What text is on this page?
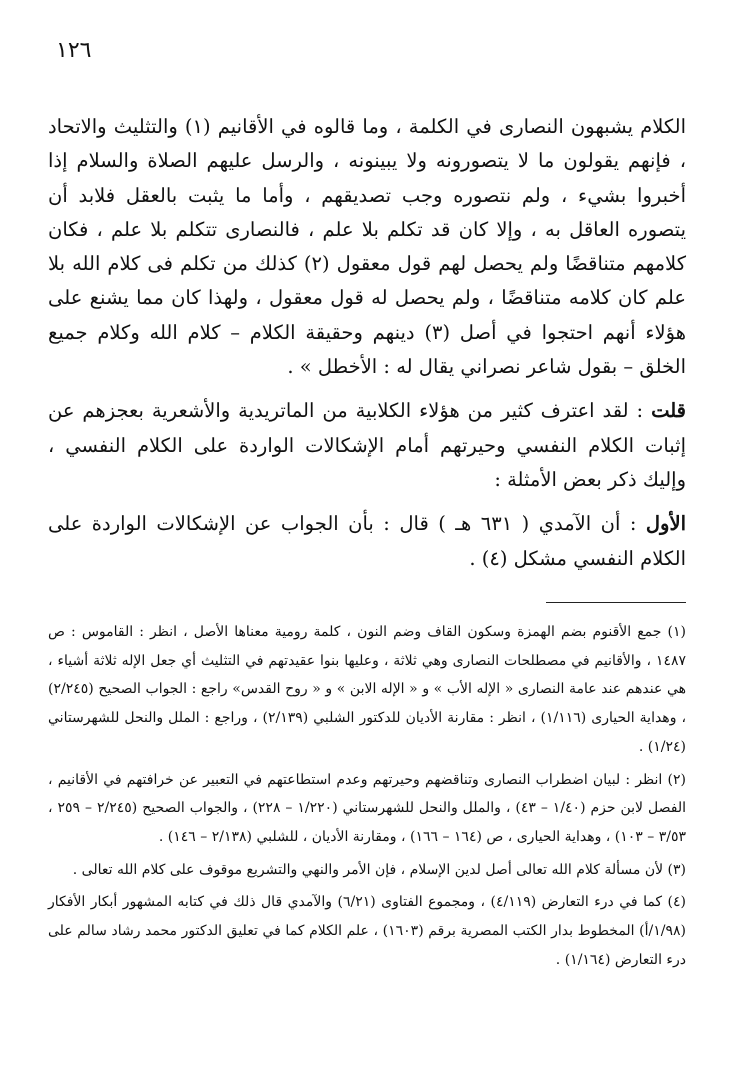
١٢٦

الكلام يشبهون النصارى في الكلمة ، وما قالوه في الأقانيم (١) والتثليث والاتحاد ، فإنهم يقولون ما لا يتصورونه ولا يبينونه ، والرسل عليهم الصلاة والسلام إذا أخبروا بشيء ، ولم نتصوره وجب تصديقهم ، وأما ما يثبت بالعقل فلابد أن يتصوره العاقل به ، وإلا كان قد تكلم بلا علم ، فالنصارى تتكلم بلا علم ، فكان كلامهم متناقضًا ولم يحصل لهم قول معقول (٢) كذلك من تكلم فى كلام الله بلا علم كان كلامه متناقضًا ، ولم يحصل له قول معقول ، ولهذا كان مما يشنع على هؤلاء أنهم احتجوا في أصل (٣) دينهم وحقيقة الكلام – كلام الله وكلام جميع الخلق – بقول شاعر نصراني يقال له : الأخطل » .

قلت : لقد اعترف كثير من هؤلاء الكلابية من الماتريدية والأشعرية بعجزهم عن إثبات الكلام النفسي وحيرتهم أمام الإشكالات الواردة على الكلام النفسي ، وإليك ذكر بعض الأمثلة :

الأول : أن الآمدي ( ٦٣١ هـ ) قال : بأن الجواب عن الإشكالات الواردة على الكلام النفسي مشكل (٤) .

(١) جمع الأقنوم بضم الهمزة وسكون القاف وضم النون ، كلمة رومية معناها الأصل ، انظر : القاموس : ص ١٤٨٧ ، والأقانيم في مصطلحات النصارى وهي ثلاثة ، وعليها بنوا عقيدتهم في التثليث أي جعل الإله ثلاثة أشياء ، هي عندهم عند عامة النصارى « الإله الأب » و « الإله الابن » و « روح القدس» راجع : الجواب الصحيح (٢/٢٤٥) ، وهداية الحيارى (١/١١٦) ، انظر : مقارنة الأديان للدكتور الشلبي (٢/١٣٩) ، وراجع : الملل والنحل للشهرستاني (١/٢٤) .

(٢) انظر : لبيان اضطراب النصارى وتناقضهم وحيرتهم وعدم استطاعتهم في التعبير عن خرافتهم في الأقانيم ، الفصل لابن حزم (١/٤٠ – ٤٣) ، والملل والنحل للشهرستاني (١/٢٢٠ – ٢٢٨) ، والجواب الصحيح (٢/٢٤٥ – ٢٥٩ ، ٣/٥٣ – ١٠٣) ، وهداية الحيارى ، ص (١٦٤ – ١٦٦) ، ومقارنة الأديان ، للشلبي (٢/١٣٨ – ١٤٦) .

(٣) لأن مسألة كلام الله تعالى أصل لدين الإسلام ، فإن الأمر والنهي والتشريع موقوف على كلام الله تعالى .

(٤) كما في درء التعارض (٤/١١٩) ، ومجموع الفتاوى (٦/٢١) والآمدي قال ذلك في كتابه المشهور أبكار الأفكار (١/٩٨/أ) المخطوط بدار الكتب المصرية برقم (١٦٠٣) ، علم الكلام كما في تعليق الدكتور محمد رشاد سالم على درء التعارض (١/١٦٤) .
